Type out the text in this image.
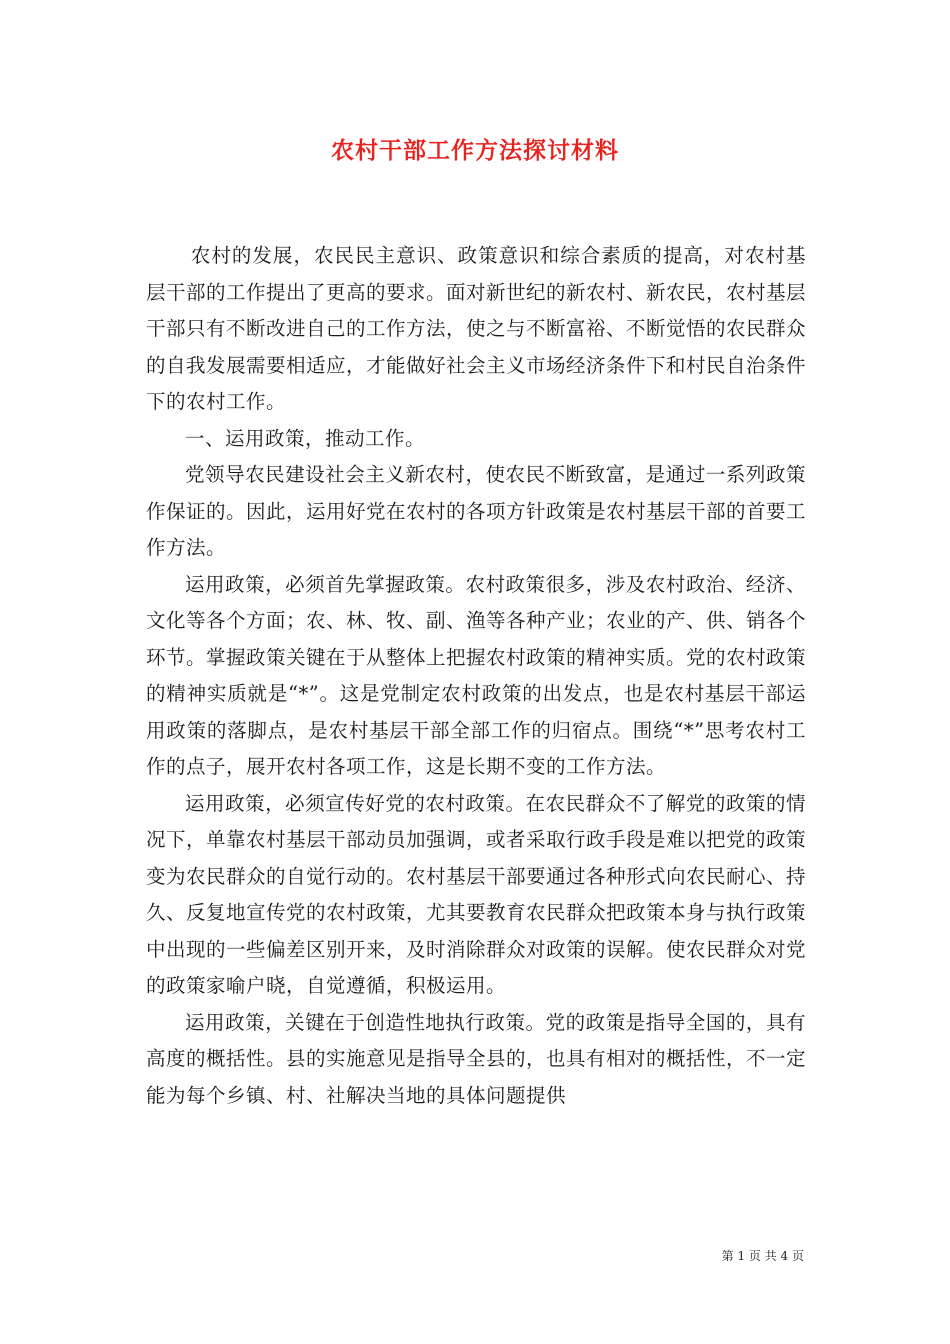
农村干部工作方法探讨材料

农村的发展，农民民主意识、政策意识和综合素质的提高，对农村基层干部的工作提出了更高的要求。面对新世纪的新农村、新农民，农村基层干部只有不断改进自己的工作方法，使之与不断富裕、不断觉悟的农民群众的自我发展需要相适应，才能做好社会主义市场经济条件下和村民自治条件下的农村工作。

一、运用政策，推动工作。

党领导农民建设社会主义新农村，使农民不断致富，是通过一系列政策作保证的。因此，运用好党在农村的各项方针政策是农村基层干部的首要工作方法。

运用政策，必须首先掌握政策。农村政策很多，涉及农村政治、经济、文化等各个方面；农、林、牧、副、渔等各种产业；农业的产、供、销各个环节。掌握政策关键在于从整体上把握农村政策的精神实质。党的农村政策的精神实质就是“*”。这是党制定农村政策的出发点，也是农村基层干部运用政策的落脚点，是农村基层干部全部工作的归宿点。围绕“*”思考农村工作的点子，展开农村各项工作，这是长期不变的工作方法。

运用政策，必须宣传好党的农村政策。在农民群众不了解党的政策的情况下，单靠农村基层干部动员加强调，或者采取行政手段是难以把党的政策变为农民群众的自觉行动的。农村基层干部要通过各种形式向农民耐心、持久、反复地宣传党的农村政策，尤其要教育农民群众把政策本身与执行政策中出现的一些偏差区别开来，及时消除群众对政策的误解。使农民群众对党的政策家喻户晓，自觉遵循，积极运用。

运用政策，关键在于创造性地执行政策。党的政策是指导全国的，具有高度的概括性。县的实施意见是指导全县的，也具有相对的概括性，不一定能为每个乡镇、村、社解决当地的具体问题提供

第 1 页 共 4 页
